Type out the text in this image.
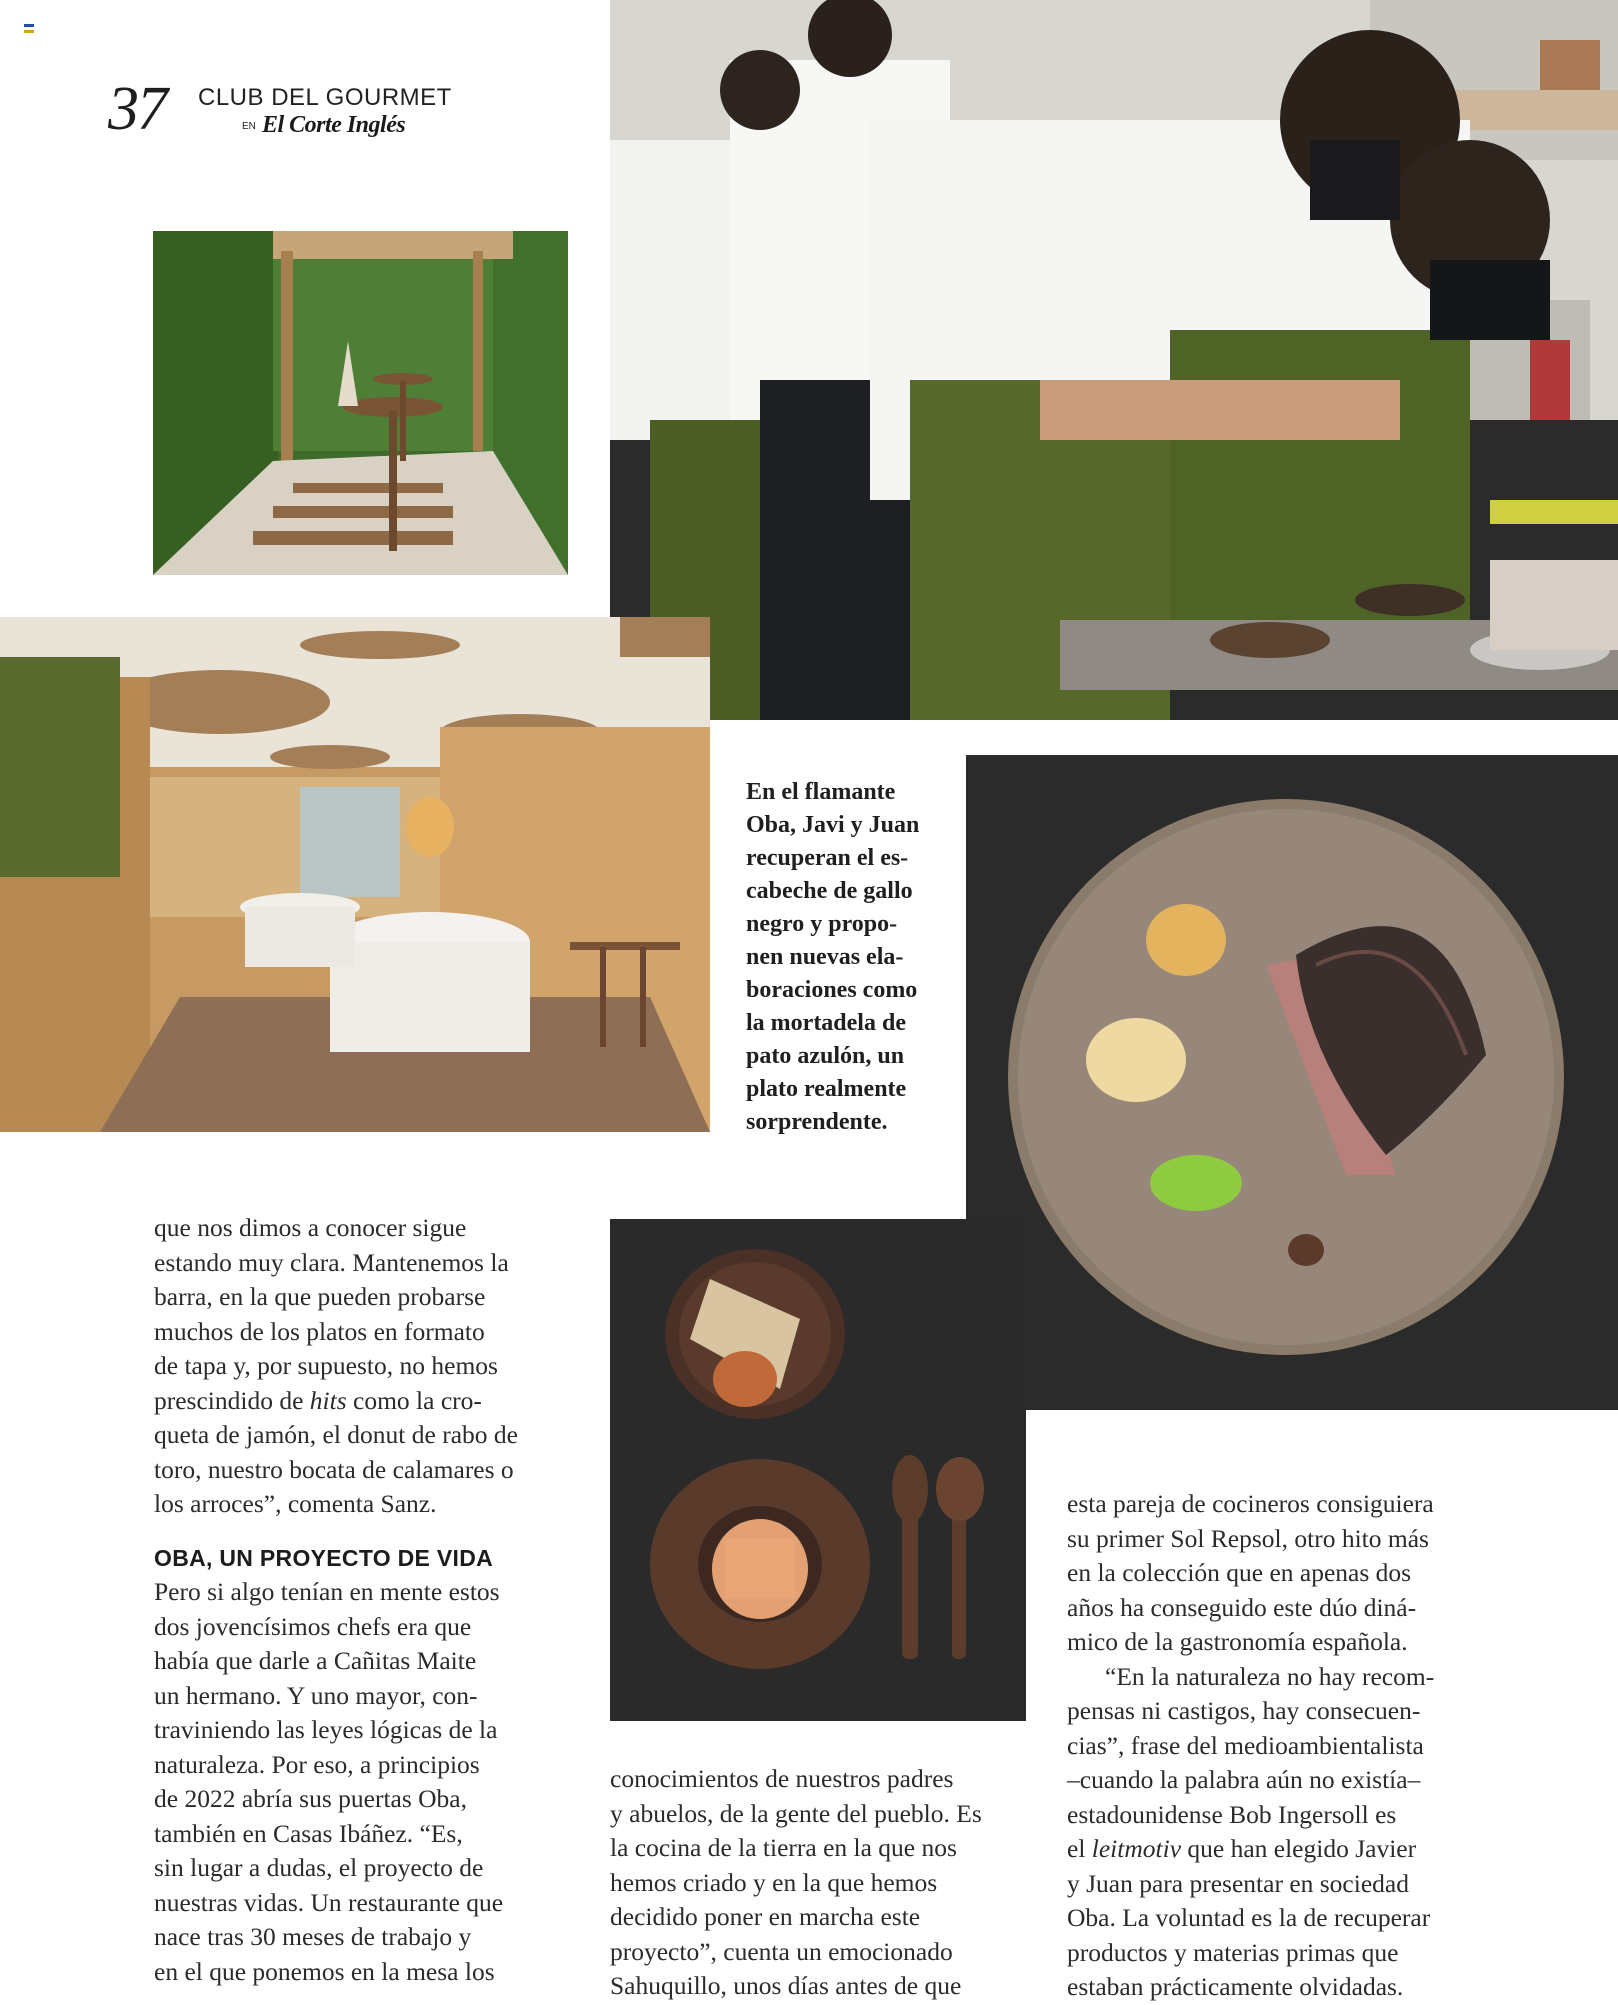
37 CLUB DEL GOURMET
EN El Corte Inglés
En el flamante
Oba, Javi y Juan
recuperan el es-
cabeche de gallo
negro y propo-
nen nuevas ela-
boraciones como
la mortadela de
pato azulón, un
plato realmente
sorprendente.
que nos dimos a conocer sigue
estando muy clara. Mantenemos la
barra, en la que pueden probarse
muchos de los platos en formato
de tapa y, por supuesto, no hemos
prescindido de hits como la cro-
queta de jamón, el donut de rabo de
toro, nuestro bocata de calamares o
los arroces”, comenta Sanz.
OBA, UN PROYECTO DE VIDA
Pero si algo tenían en mente estos
dos jovencísimos chefs era que
había que darle a Cañitas Maite
un hermano. Y uno mayor, con-
traviniendo las leyes lógicas de la
naturaleza. Por eso, a principios
de 2022 abría sus puertas Oba,
también en Casas Ibáñez. “Es,
sin lugar a dudas, el proyecto de
nuestras vidas. Un restaurante que
nace tras 30 meses de trabajo y
en el que ponemos en la mesa los
conocimientos de nuestros padres
y abuelos, de la gente del pueblo. Es
la cocina de la tierra en la que nos
hemos criado y en la que hemos
decidido poner en marcha este
proyecto”, cuenta un emocionado
Sahuquillo, unos días antes de que
esta pareja de cocineros consiguiera
su primer Sol Repsol, otro hito más
en la colección que en apenas dos
años ha conseguido este dúo diná-
mico de la gastronomía española.
“En la naturaleza no hay recom-
pensas ni castigos, hay consecuen-
cias”, frase del medioambientalista
–cuando la palabra aún no existía–
estadounidense Bob Ingersoll es
el leitmotiv que han elegido Javier
y Juan para presentar en sociedad
Oba. La voluntad es la de recuperar
productos y materias primas que
estaban prácticamente olvidadas.
